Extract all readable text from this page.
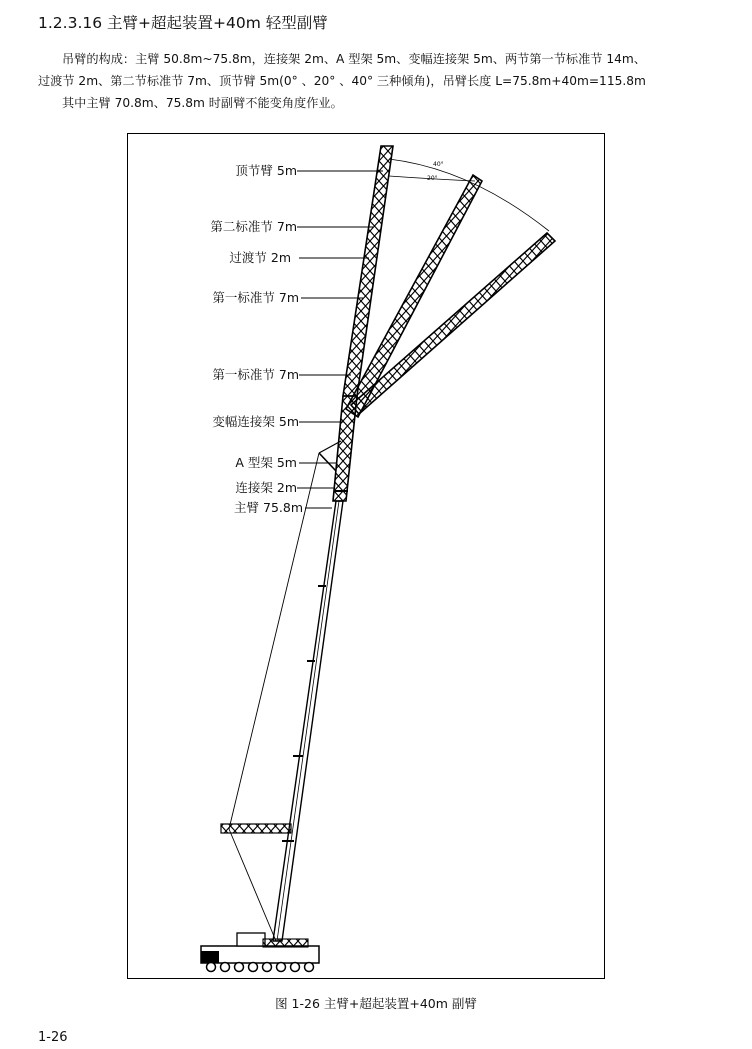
1.2.3.16 主臂+超起装置+40m 轻型副臂

吊臂的构成：主臂 50.8m~75.8m，连接架 2m、A 型架 5m、变幅连接架 5m、两节第一节标准节 14m、
过渡节 2m、第二节标准节 7m、顶节臂 5m(0° 、20° 、40° 三种倾角)，吊臂长度 L=75.8m+40m=115.8m

其中主臂 70.8m、75.8m 时副臂不能变角度作业。

40°
20°
顶节臂 5m
第二标准节 7m
过渡节 2m
第一标准节 7m
第一标准节 7m
变幅连接架 5m
A 型架 5m
连接架 2m
主臂 75.8m
图 1-26 主臂+超起装置+40m 副臂
1-26
